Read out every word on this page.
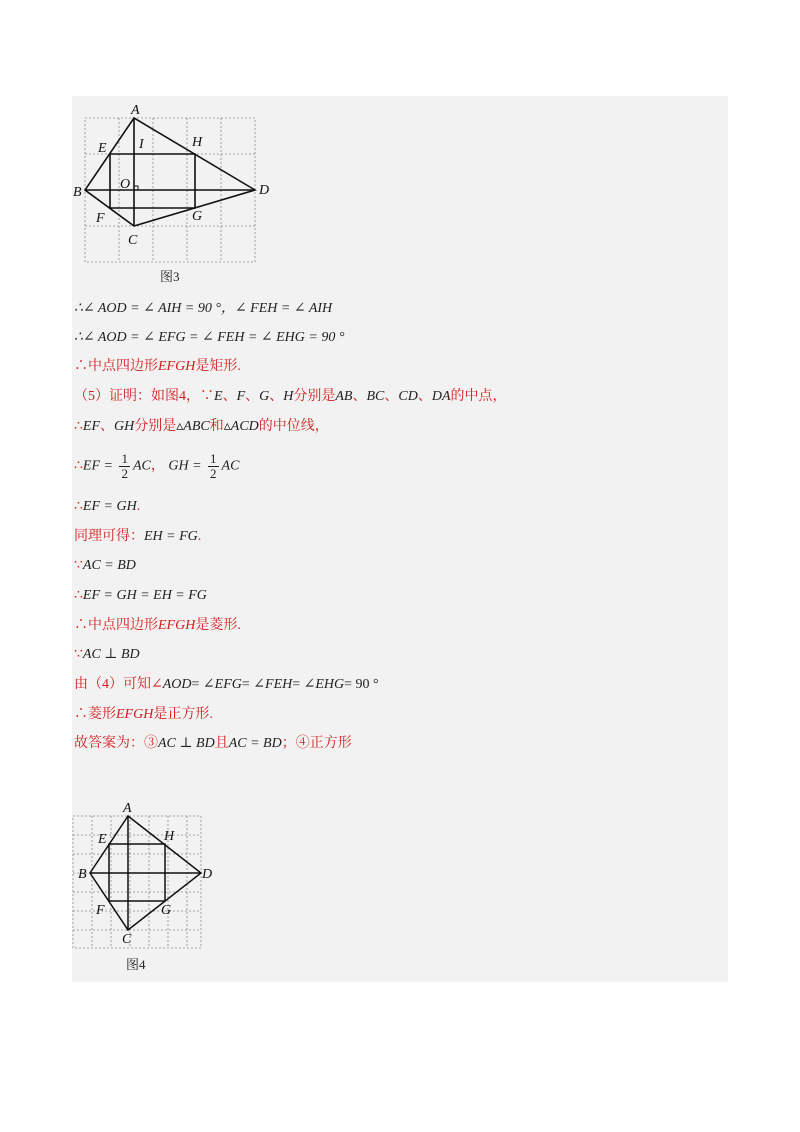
A
B
C
D
E
F	G
H
I
O
图3
∴∠ AOD = ∠ AIH = 90 °，∠ FEH = ∠ AIH
∴∠ AOD = ∠ EFG = ∠ FEH = ∠ EHG = 90 °
∴中点四边形EFGH是矩形.
（5）证明：如图4，∵E、F、G、H分别是AB、BC、CD、DA的中点，
∴EF、GH分别是▵ABC和▵ACD的中位线，
∴EF = $\frac{1}{2}$ AC， GH = $\frac{1}{2}$ AC
∴EF = GH.
同理可得：EH = FG.
∵AC = BD
∴EF = GH = EH = FG
∴中点四边形EFGH是菱形.
∵AC ⊥ BD
由（4）可知∠AOD= ∠EFG= ∠FEH= ∠EHG= 90 °
∴菱形EFGH是正方形.
故答案为：③AC ⊥ BD且AC = BD；④正方形
A
B
C
D
E
F	G
H
图4
